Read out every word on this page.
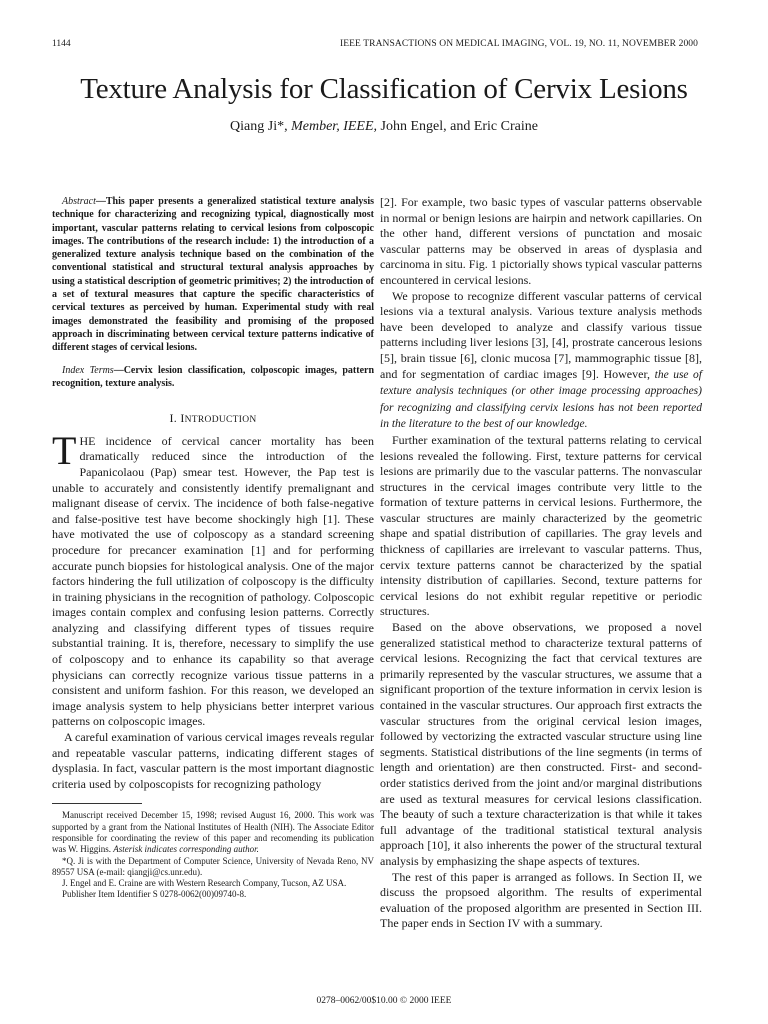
1144	IEEE TRANSACTIONS ON MEDICAL IMAGING, VOL. 19, NO. 11, NOVEMBER 2000
Texture Analysis for Classification of Cervix Lesions
Qiang Ji*, Member, IEEE, John Engel, and Eric Craine

Abstract—This paper presents a generalized statistical texture analysis technique for characterizing and recognizing typical, diagnostically most important, vascular patterns relating to cervical lesions from colposcopic images. The contributions of the research include: 1) the introduction of a generalized texture analysis technique based on the combination of the conventional statistical and structural textural analysis approaches by using a statistical description of geometric primitives; 2) the introduction of a set of textural measures that capture the specific characteristics of cervical textures as perceived by human. Experimental study with real images demonstrated the feasibility and promising of the proposed approach in discriminating between cervical texture patterns indicative of different stages of cervical lesions.

Index Terms—Cervix lesion classification, colposcopic images, pattern recognition, texture analysis.

I. INTRODUCTION

THE incidence of cervical cancer mortality has been dramatically reduced since the introduction of the Papanicolaou (Pap) smear test. However, the Pap test is unable to accurately and consistently identify premalignant and malignant disease of cervix. The incidence of both false-negative and false-positive test have become shockingly high [1]. These have motivated the use of colposcopy as a standard screening procedure for precancer examination [1] and for performing accurate punch biopsies for histological analysis. One of the major factors hindering the full utilization of colposcopy is the difficulty in training physicians in the recognition of pathology. Colposcopic images contain complex and confusing lesion patterns. Correctly analyzing and classifying different types of tissues require substantial training. It is, therefore, necessary to simplify the use of colposcopy and to enhance its capability so that average physicians can correctly recognize various tissue patterns in a consistent and uniform fashion. For this reason, we developed an image analysis system to help physicians better interpret various patterns on colposcopic images.

A careful examination of various cervical images reveals regular and repeatable vascular patterns, indicating different stages of dysplasia. In fact, vascular pattern is the most important diagnostic criteria used by colposcopists for recognizing pathology

Manuscript received December 15, 1998; revised August 16, 2000. This work was supported by a grant from the National Institutes of Health (NIH). The Associate Editor responsible for coordinating the review of this paper and recomending its publication was W. Higgins. Asterisk indicates corresponding author.

*Q. Ji is with the Department of Computer Science, University of Nevada Reno, NV 89557 USA (e-mail: qiangji@cs.unr.edu).

J. Engel and E. Craine are with Western Research Company, Tucson, AZ USA.

Publisher Item Identifier S 0278-0062(00)09740-8.

[2]. For example, two basic types of vascular patterns observable in normal or benign lesions are hairpin and network capillaries. On the other hand, different versions of punctation and mosaic vascular patterns may be observed in areas of dysplasia and carcinoma in situ. Fig. 1 pictorially shows typical vascular patterns encountered in cervical lesions.

We propose to recognize different vascular patterns of cervical lesions via a textural analysis. Various texture analysis methods have been developed to analyze and classify various tissue patterns including liver lesions [3], [4], prostrate cancerous lesions [5], brain tissue [6], clonic mucosa [7], mammographic tissue [8], and for segmentation of cardiac images [9]. However, the use of texture analysis techniques (or other image processing approaches) for recognizing and classifying cervix lesions has not been reported in the literature to the best of our knowledge.

Further examination of the textural patterns relating to cervical lesions revealed the following. First, texture patterns for cervical lesions are primarily due to the vascular patterns. The nonvascular structures in the cervical images contribute very little to the formation of texture patterns in cervical lesions. Furthermore, the vascular structures are mainly characterized by the geometric shape and spatial distribution of capillaries. The gray levels and thickness of capillaries are irrelevant to vascular patterns. Thus, cervix texture patterns cannot be characterized by the spatial intensity distribution of capillaries. Second, texture patterns for cervical lesions do not exhibit regular repetitive or periodic structures.

Based on the above observations, we proposed a novel generalized statistical method to characterize textural patterns of cervical lesions. Recognizing the fact that cervical textures are primarily represented by the vascular structures, we assume that a significant proportion of the texture information in cervix lesion is contained in the vascular structures. Our approach first extracts the vascular structures from the original cervical lesion images, followed by vectorizing the extracted vascular structure using line segments. Statistical distributions of the line segments (in terms of length and orientation) are then constructed. First- and second-order statistics derived from the joint and/or marginal distributions are used as textural measures for cervical lesions classification. The beauty of such a texture characterization is that while it takes full advantage of the traditional statistical textural analysis approach [10], it also inherents the power of the structural textural analysis by emphasizing the shape aspects of textures.

The rest of this paper is arranged as follows. In Section II, we discuss the propsoed algorithm. The results of experimental evaluation of the proposed algorithm are presented in Section III. The paper ends in Section IV with a summary.

0278–0062/00$10.00 © 2000 IEEE
